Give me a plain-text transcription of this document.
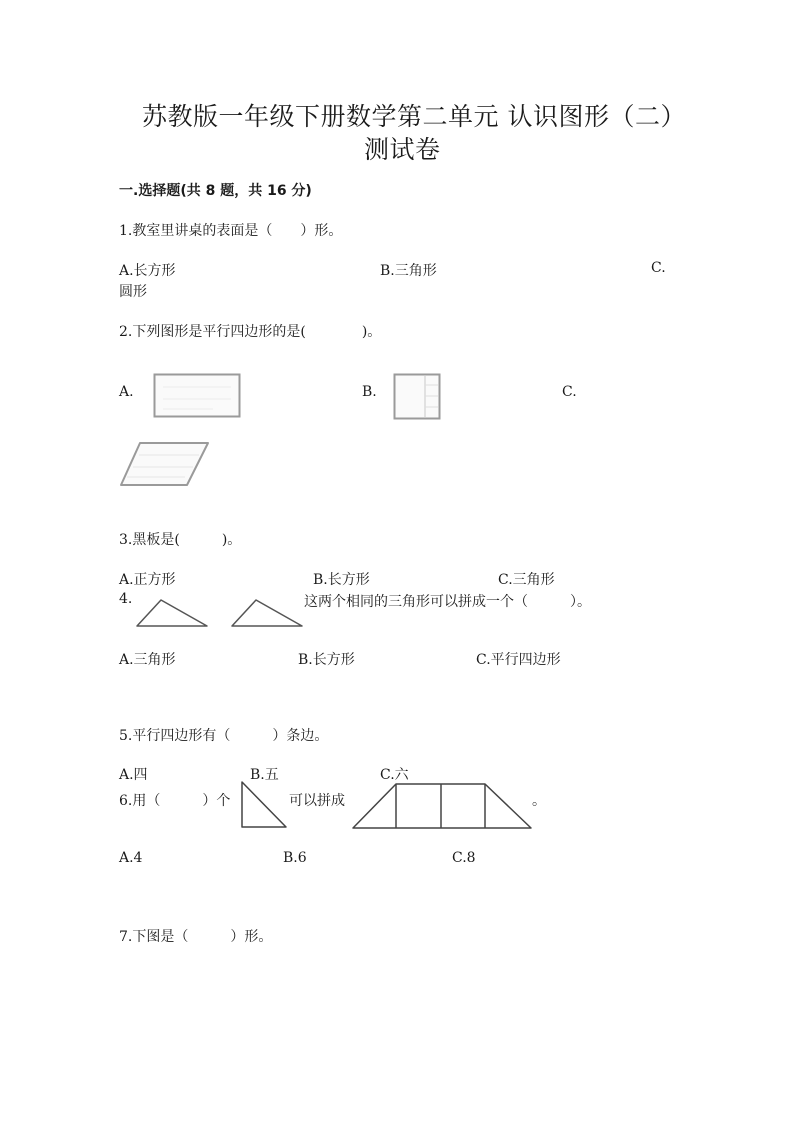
苏教版一年级下册数学第二单元 认识图形（二）
测试卷
一.选择题(共 8 题，共 16 分)
1.教室里讲桌的表面是（　　）形。
A.长方形	B.三角形	C.
圆形
2.下列图形是平行四边形的是(　　　　)。
A.	B.	C.
3.黑板是(　　　)。
A.正方形	B.长方形	C.三角形
4.	这两个相同的三角形可以拼成一个（　　　）。
A.三角形	B.长方形	C.平行四边形
5.平行四边形有（　　　）条边。
A.四	B.五	C.六
6.用（　　　）个	可以拼成	。
A.4	B.6	C.8
7.下图是（　　　）形。
